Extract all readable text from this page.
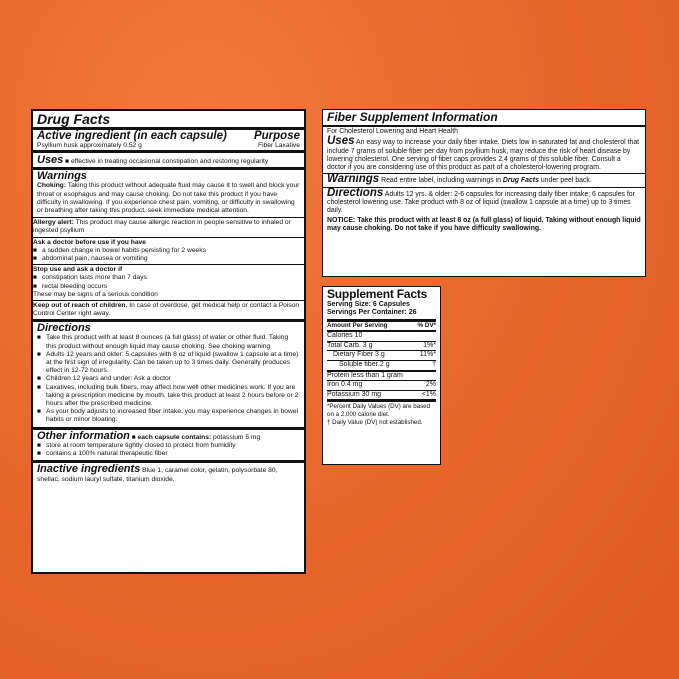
Drug Facts
Active ingredient (in each capsule) Purpose
Psyllium husk approximately 0.52 g	Fiber Laxative
Uses ■ effective in treating occasional constipation and restoring regularity
Warnings
Choking: Taking this product without adequate fluid may cause it to swell and block your throat or esophagus and may cause choking. Do not take this product if you have difficulty in swallowing. If you experience chest pain, vomiting, or difficulty in swallowing or breathing after taking this product, seek immediate medical attention.
Allergy alert: This product may cause allergic reaction in people sensitive to inhaled or ingested psyllium
Ask a doctor before use if you have
■ a sudden change in bowel habits persisting for 2 weeks
■ abdominal pain, nausea or vomiting
Stop use and ask a doctor if
■ constipation lasts more than 7 days
■ rectal bleeding occurs
These may be signs of a serious condition
Keep out of reach of children. In case of overdose, get medical help or contact a Poison Control Center right away.
Directions
■ Take this product with at least 8 ounces (a full glass) of water or other fluid. Taking this product without enough liquid may cause choking. See choking warning
■ Adults 12 years and older: 5 capsules with 8 oz of liquid (swallow 1 capsule at a time) at the first sign of irregularity. Can be taken up to 3 times daily. Generally produces effect in 12-72 hours.
■ Children 12 years and under: Ask a doctor
■ Laxatives, including bulk fibers, may affect how well other medicines work. If you are taking a prescription medicine by mouth, take this product at least 2 hours before or 2 hours after the prescribed medicine.
■ As your body adjusts to increased fiber intake, you may experience changes in bowel habits or minor bloating.
Other information ■ each capsule contains: potassium 5 mg
■ store at room temperature tightly closed to protect from humidity
■ contains a 100% natural therapeutic fiber
Inactive ingredients Blue 1, caramel color, gelatin, polysorbate 80, shellac, sodium lauryl sulfate, titanium dioxide.
Fiber Supplement Information
For Cholesterol Lowering and Heart Health
Uses An easy way to increase your daily fiber intake. Diets low in saturated fat and cholesterol that include 7 grams of soluble fiber per day from psyllium husk, may reduce the risk of heart disease by lowering cholesterol. One serving of fiber caps provides 2.4 grams of this soluble fiber. Consult a doctor if you are considering use of this product as part of a cholesterol-lowering program.
Warnings Read entire label, including warnings in Drug Facts under peel back.
Directions Adults 12 yrs. & older: 2-6 capsules for increasing daily fiber intake; 6 capsules for cholesterol lowering use. Take product with 8 oz of liquid (swallow 1 capsule at a time) up to 3 times daily.
NOTICE: Take this product with at least 8 oz (a full glass) of liquid. Taking without enough liquid may cause choking. Do not take if you have difficulty swallowing.
Supplement Facts
Serving Size: 6 Capsules
Servings Per Container: 26
Amount Per Serving	% DV*
Calories 10
Total Carb. 3 g	1%*
Dietary Fiber 3 g	11%*
Soluble fiber 2 g	†
Protein less than 1 gram
Iron 0.4 mg	2%
Potassium 30 mg	<1%
*Percent Daily Values (DV) are based on a 2,000 calorie diet.
† Daily Value (DV) not established.
